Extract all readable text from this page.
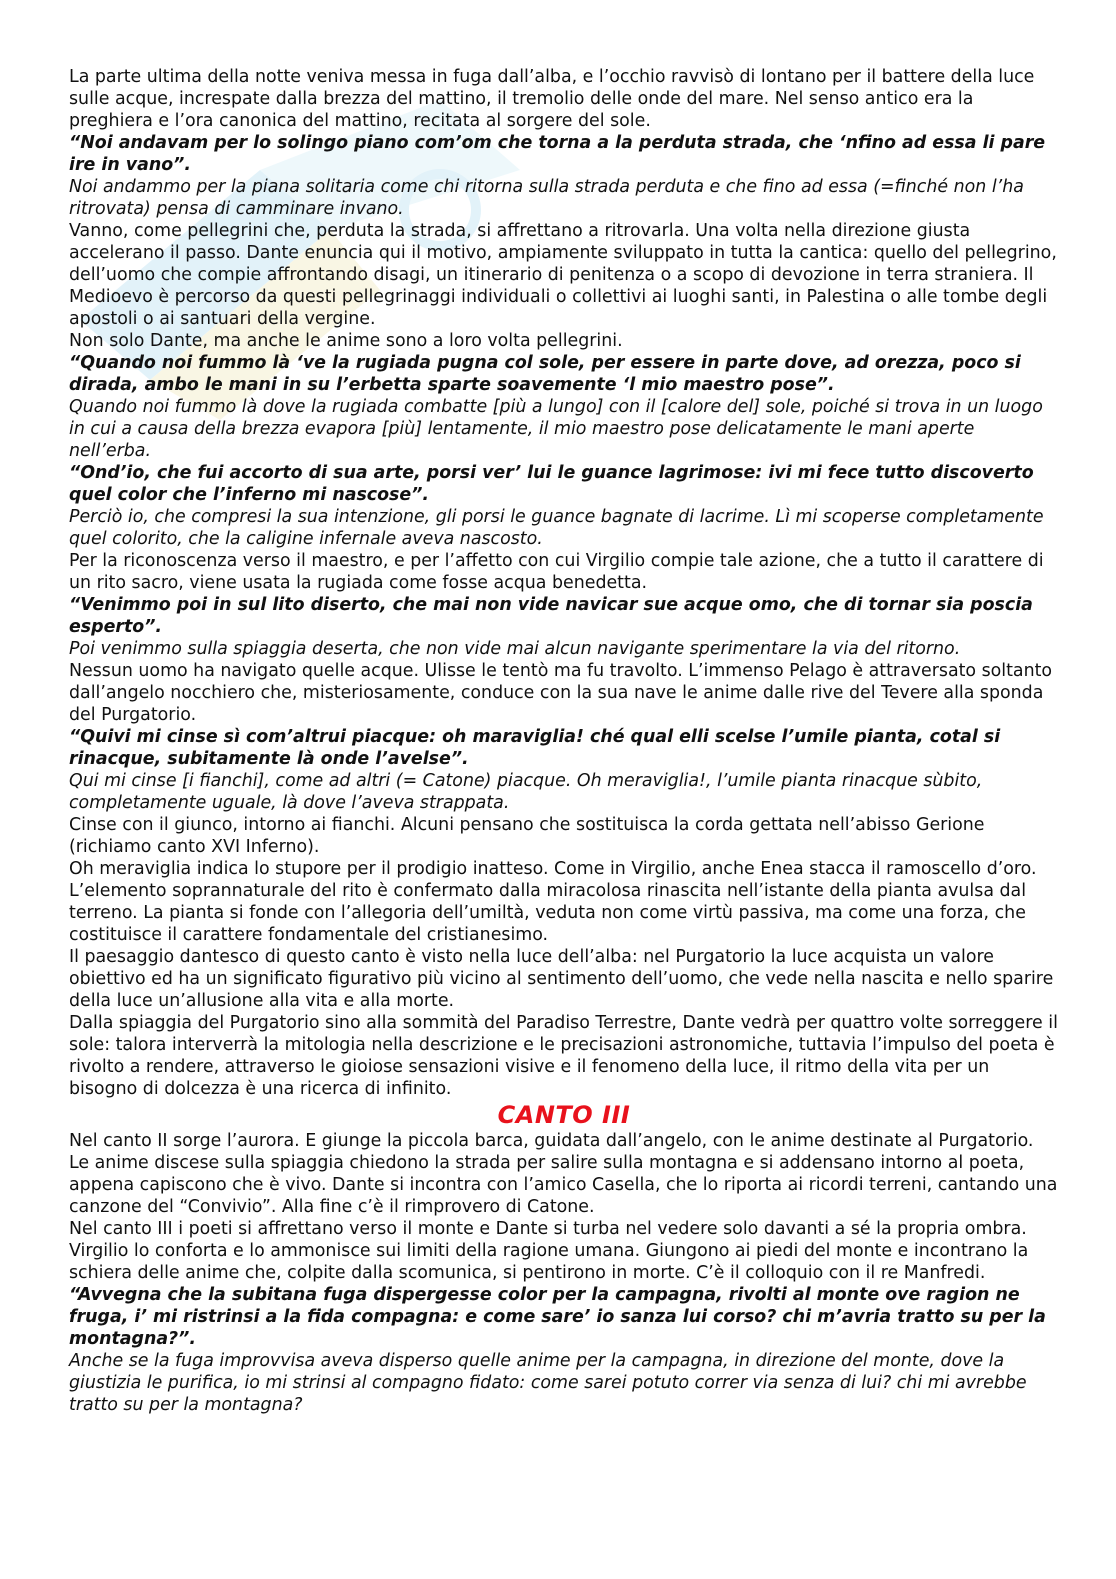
La parte ultima della notte veniva messa in fuga dall’alba, e l’occhio ravvisò di lontano per il battere della luce sulle acque, increspate dalla brezza del mattino, il tremolio delle onde del mare. Nel senso antico era la preghiera e l’ora canonica del mattino, recitata al sorgere del sole.

“Noi andavam per lo solingo piano com’om che torna a la perduta strada, che ‘nfino ad essa li pare ire in vano”.

Noi andammo per la piana solitaria come chi ritorna sulla strada perduta e che fino ad essa (=finché non l’ha ritrovata) pensa di camminare invano.

Vanno, come pellegrini che, perduta la strada, si affrettano a ritrovarla. Una volta nella direzione giusta accelerano il passo. Dante enuncia qui il motivo, ampiamente sviluppato in tutta la cantica: quello del pellegrino, dell’uomo che compie affrontando disagi, un itinerario di penitenza o a scopo di devozione in terra straniera. Il Medioevo è percorso da questi pellegrinaggi individuali o collettivi ai luoghi santi, in Palestina o alle tombe degli apostoli o ai santuari della vergine.

Non solo Dante, ma anche le anime sono a loro volta pellegrini.

“Quando noi fummo là ‘ve la rugiada pugna col sole, per essere in parte dove, ad orezza, poco si dirada, ambo le mani in su l’erbetta sparte soavemente ‘l mio maestro pose”.

Quando noi fummo là dove la rugiada combatte [più a lungo] con il [calore del] sole, poiché si trova in un luogo in cui a causa della brezza evapora [più] lentamente, il mio maestro pose delicatamente le mani aperte nell’erba.

“Ond’io, che fui accorto di sua arte, porsi ver’ lui le guance lagrimose: ivi mi fece tutto discoverto quel color che l’inferno mi nascose”.

Perciò io, che compresi la sua intenzione, gli porsi le guance bagnate di lacrime. Lì mi scoperse completamente quel colorito, che la caligine infernale aveva nascosto.

Per la riconoscenza verso il maestro, e per l’affetto con cui Virgilio compie tale azione, che a tutto il carattere di un rito sacro, viene usata la rugiada come fosse acqua benedetta.

“Venimmo poi in sul lito diserto, che mai non vide navicar sue acque omo, che di tornar sia poscia esperto”.

Poi venimmo sulla spiaggia deserta, che non vide mai alcun navigante sperimentare la via del ritorno.

Nessun uomo ha navigato quelle acque. Ulisse le tentò ma fu travolto. L’immenso Pelago è attraversato soltanto dall’angelo nocchiero che, misteriosamente, conduce con la sua nave le anime dalle rive del Tevere alla sponda del Purgatorio.

“Quivi mi cinse sì com’altrui piacque: oh maraviglia! ché qual elli scelse l’umile pianta, cotal si rinacque, subitamente là onde l’avelse”.

Qui mi cinse [i fianchi], come ad altri (= Catone) piacque. Oh meraviglia!, l’umile pianta rinacque sùbito, completamente uguale, là dove l’aveva strappata.

Cinse con il giunco, intorno ai fianchi. Alcuni pensano che sostituisca la corda gettata nell’abisso Gerione (richiamo canto XVI Inferno).

Oh meraviglia indica lo stupore per il prodigio inatteso. Come in Virgilio, anche Enea stacca il ramoscello d’oro.

L’elemento soprannaturale del rito è confermato dalla miracolosa rinascita nell’istante della pianta avulsa dal terreno. La pianta si fonde con l’allegoria dell’umiltà, veduta non come virtù passiva, ma come una forza, che costituisce il carattere fondamentale del cristianesimo.

Il paesaggio dantesco di questo canto è visto nella luce dell’alba: nel Purgatorio la luce acquista un valore obiettivo ed ha un significato figurativo più vicino al sentimento dell’uomo, che vede nella nascita e nello sparire della luce un’allusione alla vita e alla morte.

Dalla spiaggia del Purgatorio sino alla sommità del Paradiso Terrestre, Dante vedrà per quattro volte sorreggere il sole: talora interverrà la mitologia nella descrizione e le precisazioni astronomiche, tuttavia l’impulso del poeta è rivolto a rendere, attraverso le gioiose sensazioni visive e il fenomeno della luce, il ritmo della vita per un bisogno di dolcezza è una ricerca di infinito.

CANTO III

Nel canto II sorge l’aurora. E giunge la piccola barca, guidata dall’angelo, con le anime destinate al Purgatorio. Le anime discese sulla spiaggia chiedono la strada per salire sulla montagna e si addensano intorno al poeta, appena capiscono che è vivo. Dante si incontra con l’amico Casella, che lo riporta ai ricordi terreni, cantando una canzone del “Convivio”. Alla fine c’è il rimprovero di Catone.

Nel canto III i poeti si affrettano verso il monte e Dante si turba nel vedere solo davanti a sé la propria ombra. Virgilio lo conforta e lo ammonisce sui limiti della ragione umana. Giungono ai piedi del monte e incontrano la schiera delle anime che, colpite dalla scomunica, si pentirono in morte. C’è il colloquio con il re Manfredi.

“Avvegna che la subitana fuga dispergesse color per la campagna, rivolti al monte ove ragion ne fruga, i’ mi ristrinsi a la fida compagna: e come sare’ io sanza lui corso? chi m’avria tratto su per la montagna?”.

Anche se la fuga improvvisa aveva disperso quelle anime per la campagna, in direzione del monte, dove la giustizia le purifica, io mi strinsi al compagno fidato: come sarei potuto correr via senza di lui? chi mi avrebbe tratto su per la montagna?
